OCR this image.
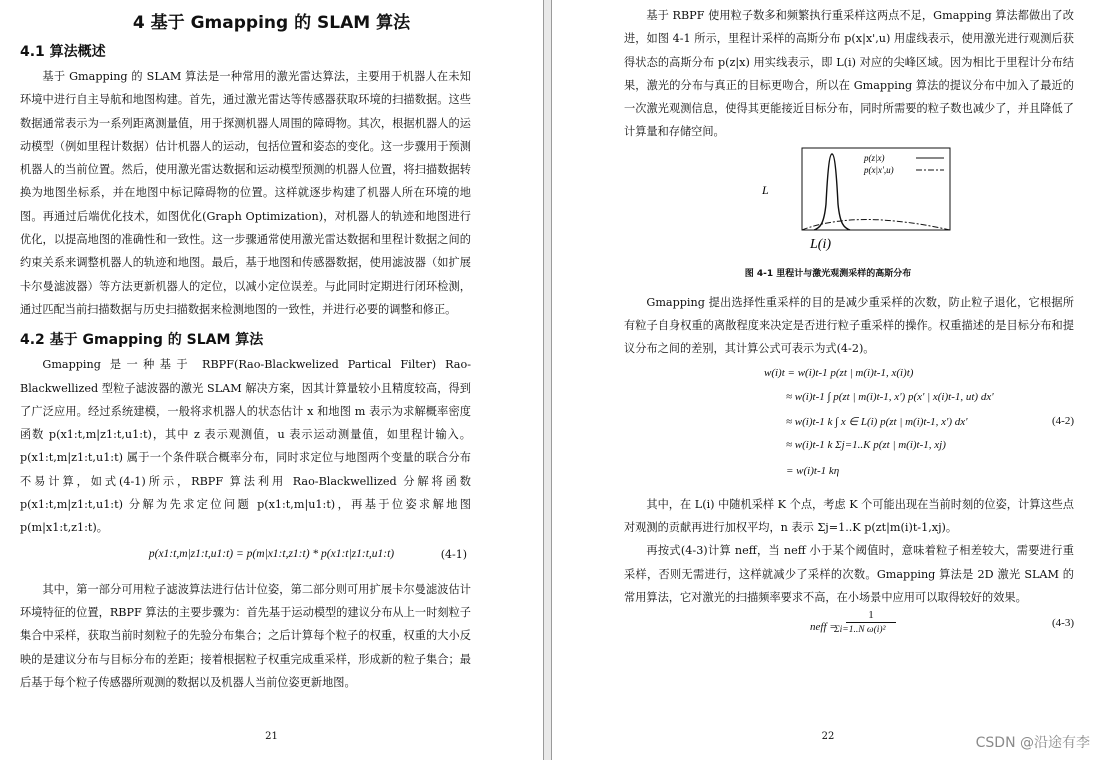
4 基于 Gmapping 的 SLAM 算法
4.1 算法概述
基于 Gmapping 的 SLAM 算法是一种常用的激光雷达算法，主要用于机器人在未知环境中进行自主导航和地图构建。首先，通过激光雷达等传感器获取环境的扫描数据。这些数据通常表示为一系列距离测量值，用于探测机器人周围的障碍物。其次，根据机器人的运动模型（例如里程计数据）估计机器人的运动，包括位置和姿态的变化。这一步骤用于预测机器人的当前位置。然后，使用激光雷达数据和运动模型预测的机器人位置，将扫描数据转换为地图坐标系，并在地图中标记障碍物的位置。这样就逐步构建了机器人所在环境的地图。再通过后端优化技术，如图优化(Graph Optimization)，对机器人的轨迹和地图进行优化，以提高地图的准确性和一致性。这一步骤通常使用激光雷达数据和里程计数据之间的约束关系来调整机器人的轨迹和地图。最后，基于地图和传感器数据，使用滤波器（如扩展卡尔曼滤波器）等方法更新机器人的定位，以减小定位误差。与此同时定期进行闭环检测，通过匹配当前扫描数据与历史扫描数据来检测地图的一致性，并进行必要的调整和修正。
4.2 基于 Gmapping 的 SLAM 算法
Gmapping 是一种基于 RBPF(Rao-Blackwelized Partical Filter) Rao-Blackwellized 型粒子滤波器的激光 SLAM 解决方案，因其计算量较小且精度较高，得到了广泛应用。经过系统建模，一般将求机器人的状态估计 x 和地图 m 表示为求解概率密度函数 p(x1:t,m|z1:t,u1:t)，其中 z 表示观测值，u 表示运动测量值，如里程计输入。p(x1:t,m|z1:t,u1:t) 属于一个条件联合概率分布，同时求定位与地图两个变量的联合分布不易计算，如式(4-1)所示，RBPF 算法利用 Rao-Blackwellized 分解将函数 p(x1:t,m|z1:t,u1:t) 分解为先求定位问题 p(x1:t,m|u1:t)，再基于位姿求解地图 p(m|x1:t,z1:t)。
p(x1:t,m|z1:t,u1:t) = p(m|x1:t,z1:t) * p(x1:t|z1:t,u1:t)	(4-1)
其中，第一部分可用粒子滤波算法进行估计位姿，第二部分则可用扩展卡尔曼滤波估计环境特征的位置，RBPF 算法的主要步骤为：首先基于运动模型的建议分布从上一时刻粒子集合中采样，获取当前时刻粒子的先验分布集合；之后计算每个粒子的权重，权重的大小反映的是建议分布与目标分布的差距；接着根据粒子权重完成重采样，形成新的粒子集合；最后基于每个粒子传感器所观测的数据以及机器人当前位姿更新地图。
21
基于 RBPF 使用粒子数多和频繁执行重采样这两点不足，Gmapping 算法都做出了改进，如图 4-1 所示，里程计采样的高斯分布 p(x|x',u) 用虚线表示，使用激光进行观测后获得状态的高斯分布 p(z|x) 用实线表示，即 L(i) 对应的尖峰区域。因为相比于里程计分布结果，激光的分布与真正的目标更吻合，所以在 Gmapping 算法的提议分布中加入了最近的一次激光观测信息，使得其更能接近目标分布，同时所需要的粒子数也减少了，并且降低了计算量和存储空间。
p(z|x)
p(x|x',u)
L
L(i)
图 4-1 里程计与激光观测采样的高斯分布
Gmapping 提出选择性重采样的目的是减少重采样的次数，防止粒子退化，它根据所有粒子自身权重的离散程度来决定是否进行粒子重采样的操作。权重描述的是目标分布和提议分布之间的差别，其计算公式可表示为式(4-2)。
w(i)t = w(i)t-1 p(zt | m(i)t-1, x(i)t)
≈ w(i)t-1 ∫ p(zt | m(i)t-1, x') p(x' | x(i)t-1, ut) dx'
≈ w(i)t-1 k ∫ x ∈ L(i) p(zt | m(i)t-1, x') dx'
≈ w(i)t-1 k Σj=1..K p(zt | m(i)t-1, xj)
= w(i)t-1 kη
(4-2)
其中，在 L(i) 中随机采样 K 个点，考虑 K 个可能出现在当前时刻的位姿，计算这些点对观测的贡献再进行加权平均，n 表示 Σj=1..K p(zt|m(i)t-1,xj)。
再按式(4-3)计算 neff，当 neff 小于某个阈值时，意味着粒子相差较大，需要进行重采样，否则无需进行，这样就减少了采样的次数。Gmapping 算法是 2D 激光 SLAM 的常用算法，它对激光的扫描频率要求不高，在小场景中应用可以取得较好的效果。
neff =
1
Σi=1..N ω(i)²
(4-3)
22	CSDN @沿途有李
